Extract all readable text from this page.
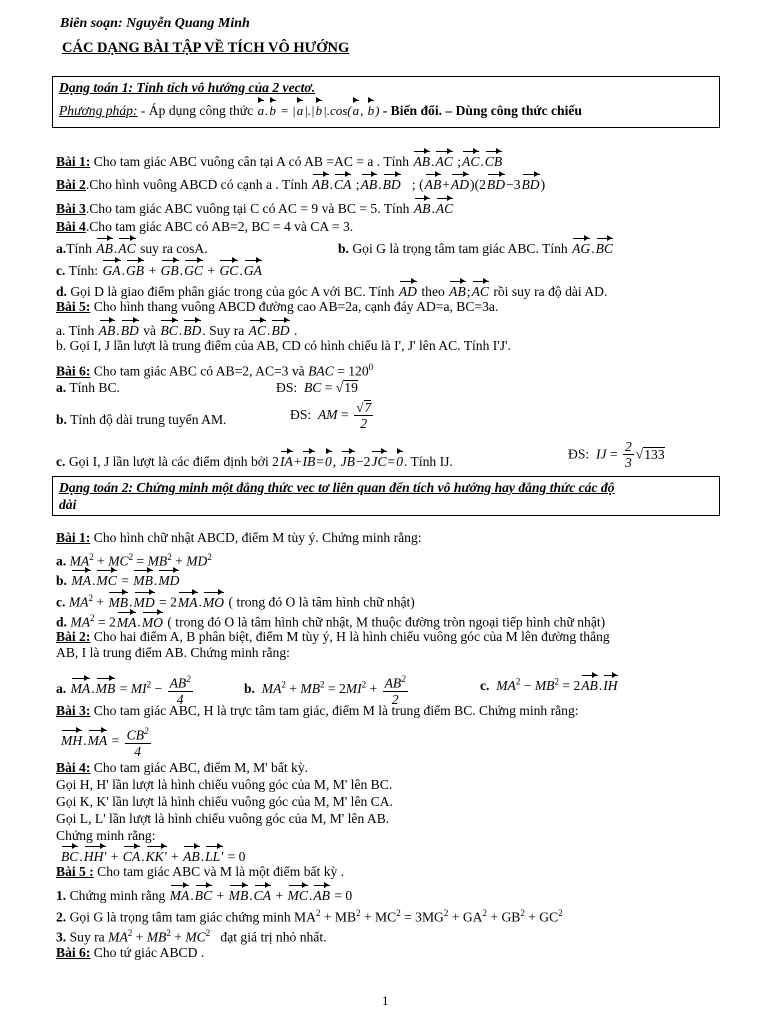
Biên soạn: Nguyễn Quang Minh
CÁC DẠNG BÀI TẬP VỀ TÍCH VÔ HƯỚNG
Dạng toán 1: Tính tích vô hướng của 2 vectơ.
Phương pháp: - Áp dụng công thức a.b = |a|.|b|.cos(a, b) - Biến đổi. – Dùng công thức chiếu
Bài 1: Cho tam giác ABC vuông cân tại A có AB =AC = a . Tính AB.AC ;AC.CB
Bài 2.Cho hình vuông ABCD có cạnh a . Tính AB.CA ;AB.BD   ; (AB+AD)(2BD−3BD)
Bài 3.Cho tam giác ABC vuông tại C có AC = 9 và BC = 5. Tính AB.AC
Bài 4.Cho tam giác ABC có AB=2, BC = 4 và CA = 3.
a.Tính AB.AC suy ra cosA.	b. Gọi G là trọng tâm tam giác ABC. Tính AG.BC
c. Tính: GA.GB + GB.GC + GC.GA
d. Gọi D là giao điểm phân giác trong của góc A với BC. Tính AD theo AB;AC rồi suy ra độ dài AD.
Bài 5: Cho hình thang vuông ABCD đường cao AB=2a, cạnh đáy AD=a, BC=3a.
a. Tính AB.BD và BC.BD. Suy ra AC.BD .
b. Gọi I, J lần lượt là trung điểm của AB, CD có hình chiếu là I', J' lên AC. Tính I'J'.
Bài 6: Cho tam giác ABC có AB=2, AC=3 và BAC = $120^0$
a. Tính BC.	ĐS:  BC = √19
b. Tính độ dài trung tuyến AM.	ĐS:  AM = $\frac{√7}{2}$
c. Gọi I, J lần lượt là các điểm định bởi 2IA+IB=0, JB−2JC=0. Tính IJ.	ĐS:  IJ = $\frac{2}{3} √133$
Dạng toán 2: Chứng minh một đẳng thức vec tơ liên quan đến tích vô hướng hay đẳng thức các độ
dài
Bài 1: Cho hình chữ nhật ABCD, điểm M tùy ý. Chứng minh rằng:
a. $MA^2 + MC^2 = MB^2 + MD^2$
b. MA.MC = MB.MD
c. $MA^2 + MB.MD = 2MA.MO$ ( trong đó O là tâm hình chữ nhật)
d. $MA^2 = 2MA.MO$ ( trong đó O là tâm hình chữ nhật, M thuộc đường tròn ngoại tiếp hình chữ nhật)
Bài 2: Cho hai điểm A, B phân biệt, điểm M tùy ý, H là hình chiếu vuông góc của M lên đường thẳng
AB, I là trung điểm AB. Chứng minh rằng:
a. $MA.MB = MI^2 - \frac{AB^2}{4}$	b. $MA^2 + MB^2 = 2MI^2 + \frac{AB^2}{2}$	c. $MA^2 - MB^2 = 2AB.IH$
Bài 3: Cho tam giác ABC, H là trực tâm tam giác, điểm M là trung điểm BC. Chứng minh rằng:
$MH.MA = \frac{CB^2}{4}$
Bài 4: Cho tam giác ABC, điểm M, M' bất kỳ.
Gọi H, H' lần lượt là hình chiếu vuông góc của M, M' lên BC.
Gọi K, K' lần lượt là hình chiếu vuông góc của M, M' lên CA.
Gọi L, L' lần lượt là hình chiếu vuông góc của M, M' lên AB.
Chứng minh rằng:
BC.HH' + CA.KK' + AB.LL' = 0
Bài 5 : Cho tam giác ABC và M là một điểm bất kỳ .
1. Chứng minh rằng MA.BC + MB.CA + MC.AB = 0
2. Gọi G là trọng tâm tam giác chứng minh $MA^2 + MB^2 + MC^2 = 3MG^2 + GA^2 + GB^2 + GC^2$
3. Suy ra $MA^2 + MB^2 + MC^2$   đạt giá trị nhỏ nhất.
Bài 6: Cho tứ giác ABCD .
1
